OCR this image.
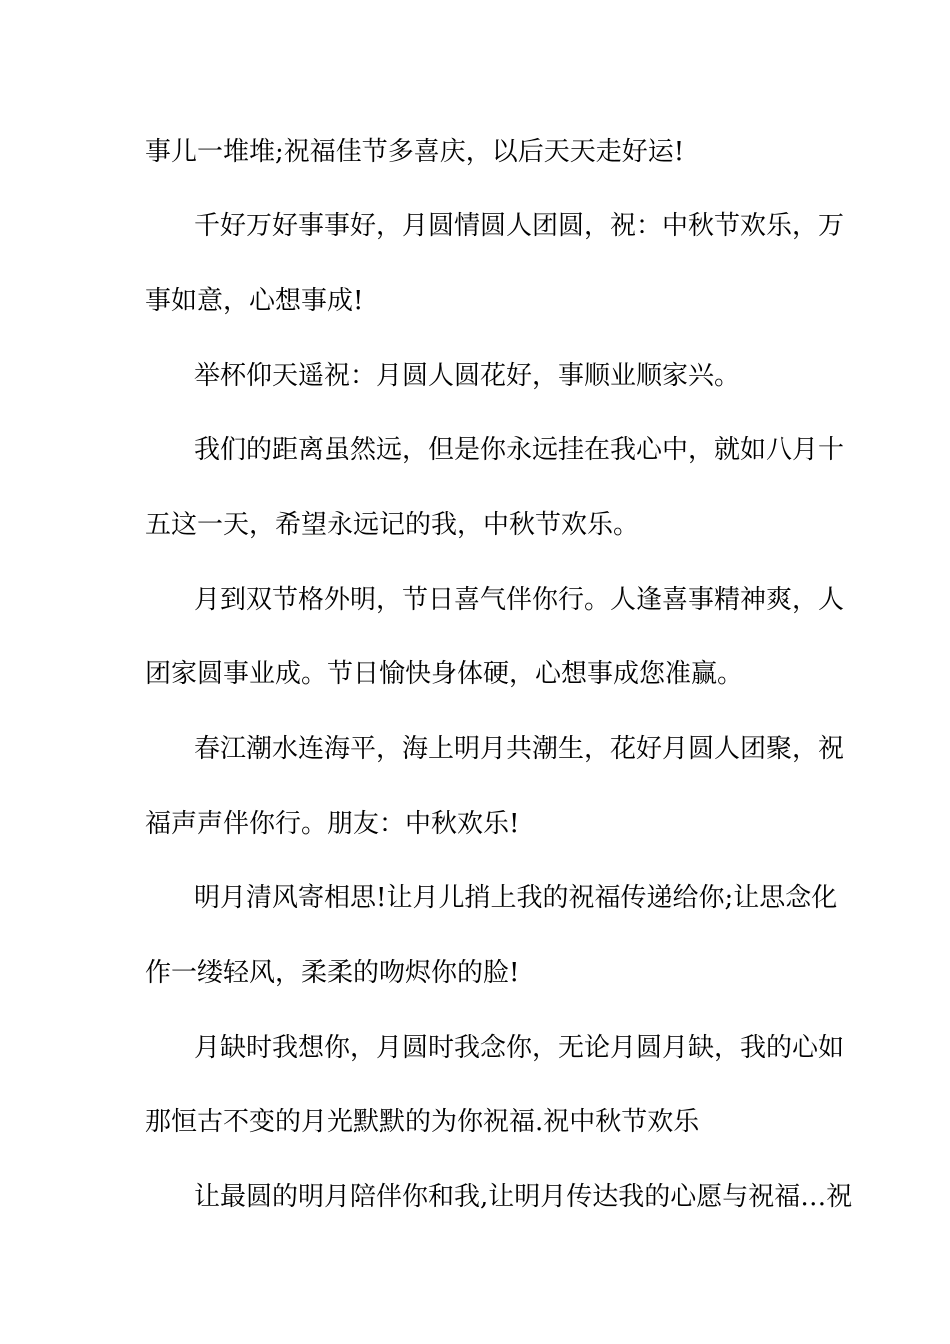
事儿一堆堆;祝福佳节多喜庆，以后天天走好运!

千好万好事事好，月圆情圆人团圆，祝：中秋节欢乐，万

事如意，心想事成!

举杯仰天遥祝：月圆人圆花好，事顺业顺家兴。

我们的距离虽然远，但是你永远挂在我心中，就如八月十

五这一天，希望永远记的我，中秋节欢乐。

月到双节格外明，节日喜气伴你行。人逢喜事精神爽，人

团家圆事业成。节日愉快身体硬，心想事成您准赢。

春江潮水连海平，海上明月共潮生，花好月圆人团聚，祝

福声声伴你行。朋友：中秋欢乐!

明月清风寄相思!让月儿捎上我的祝福传递给你;让思念化

作一缕轻风，柔柔的吻烬你的脸!

月缺时我想你，月圆时我念你，无论月圆月缺，我的心如

那恒古不变的月光默默的为你祝福.祝中秋节欢乐

让最圆的明月陪伴你和我,让明月传达我的心愿与祝福…祝
